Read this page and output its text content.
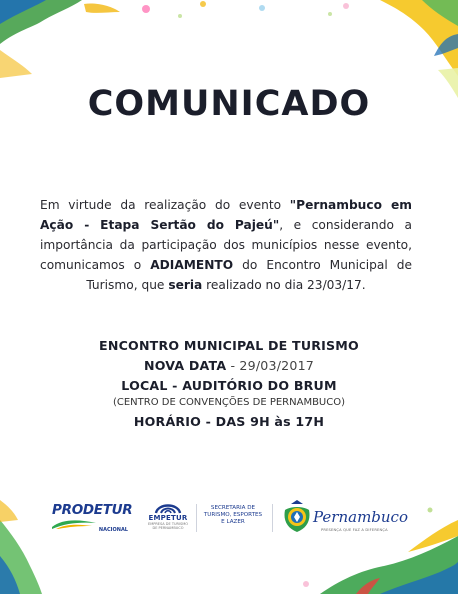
COMUNICADO
Em virtude da realização do evento "Pernambuco em Ação - Etapa Sertão do Pajeú", e considerando a importância da participação dos municípios nesse evento, comunicamos o ADIAMENTO do Encontro Municipal de Turismo, que seria realizado no dia 23/03/17.
ENCONTRO MUNICIPAL DE TURISMO
NOVA DATA - 29/03/2017
LOCAL - AUDITÓRIO DO BRUM
(CENTRO DE CONVENÇÕES DE PERNAMBUCO)
HORÁRIO - DAS 9H às 17H
PRODETUR
NACIONAL
EMPETUR
EMPRESA DE TURISMO DE PERNAMBUCO
SECRETARIA DE
TURISMO, ESPORTES
E LAZER	Pernambuco
PRESENÇA QUE FAZ A DIFERENÇA
